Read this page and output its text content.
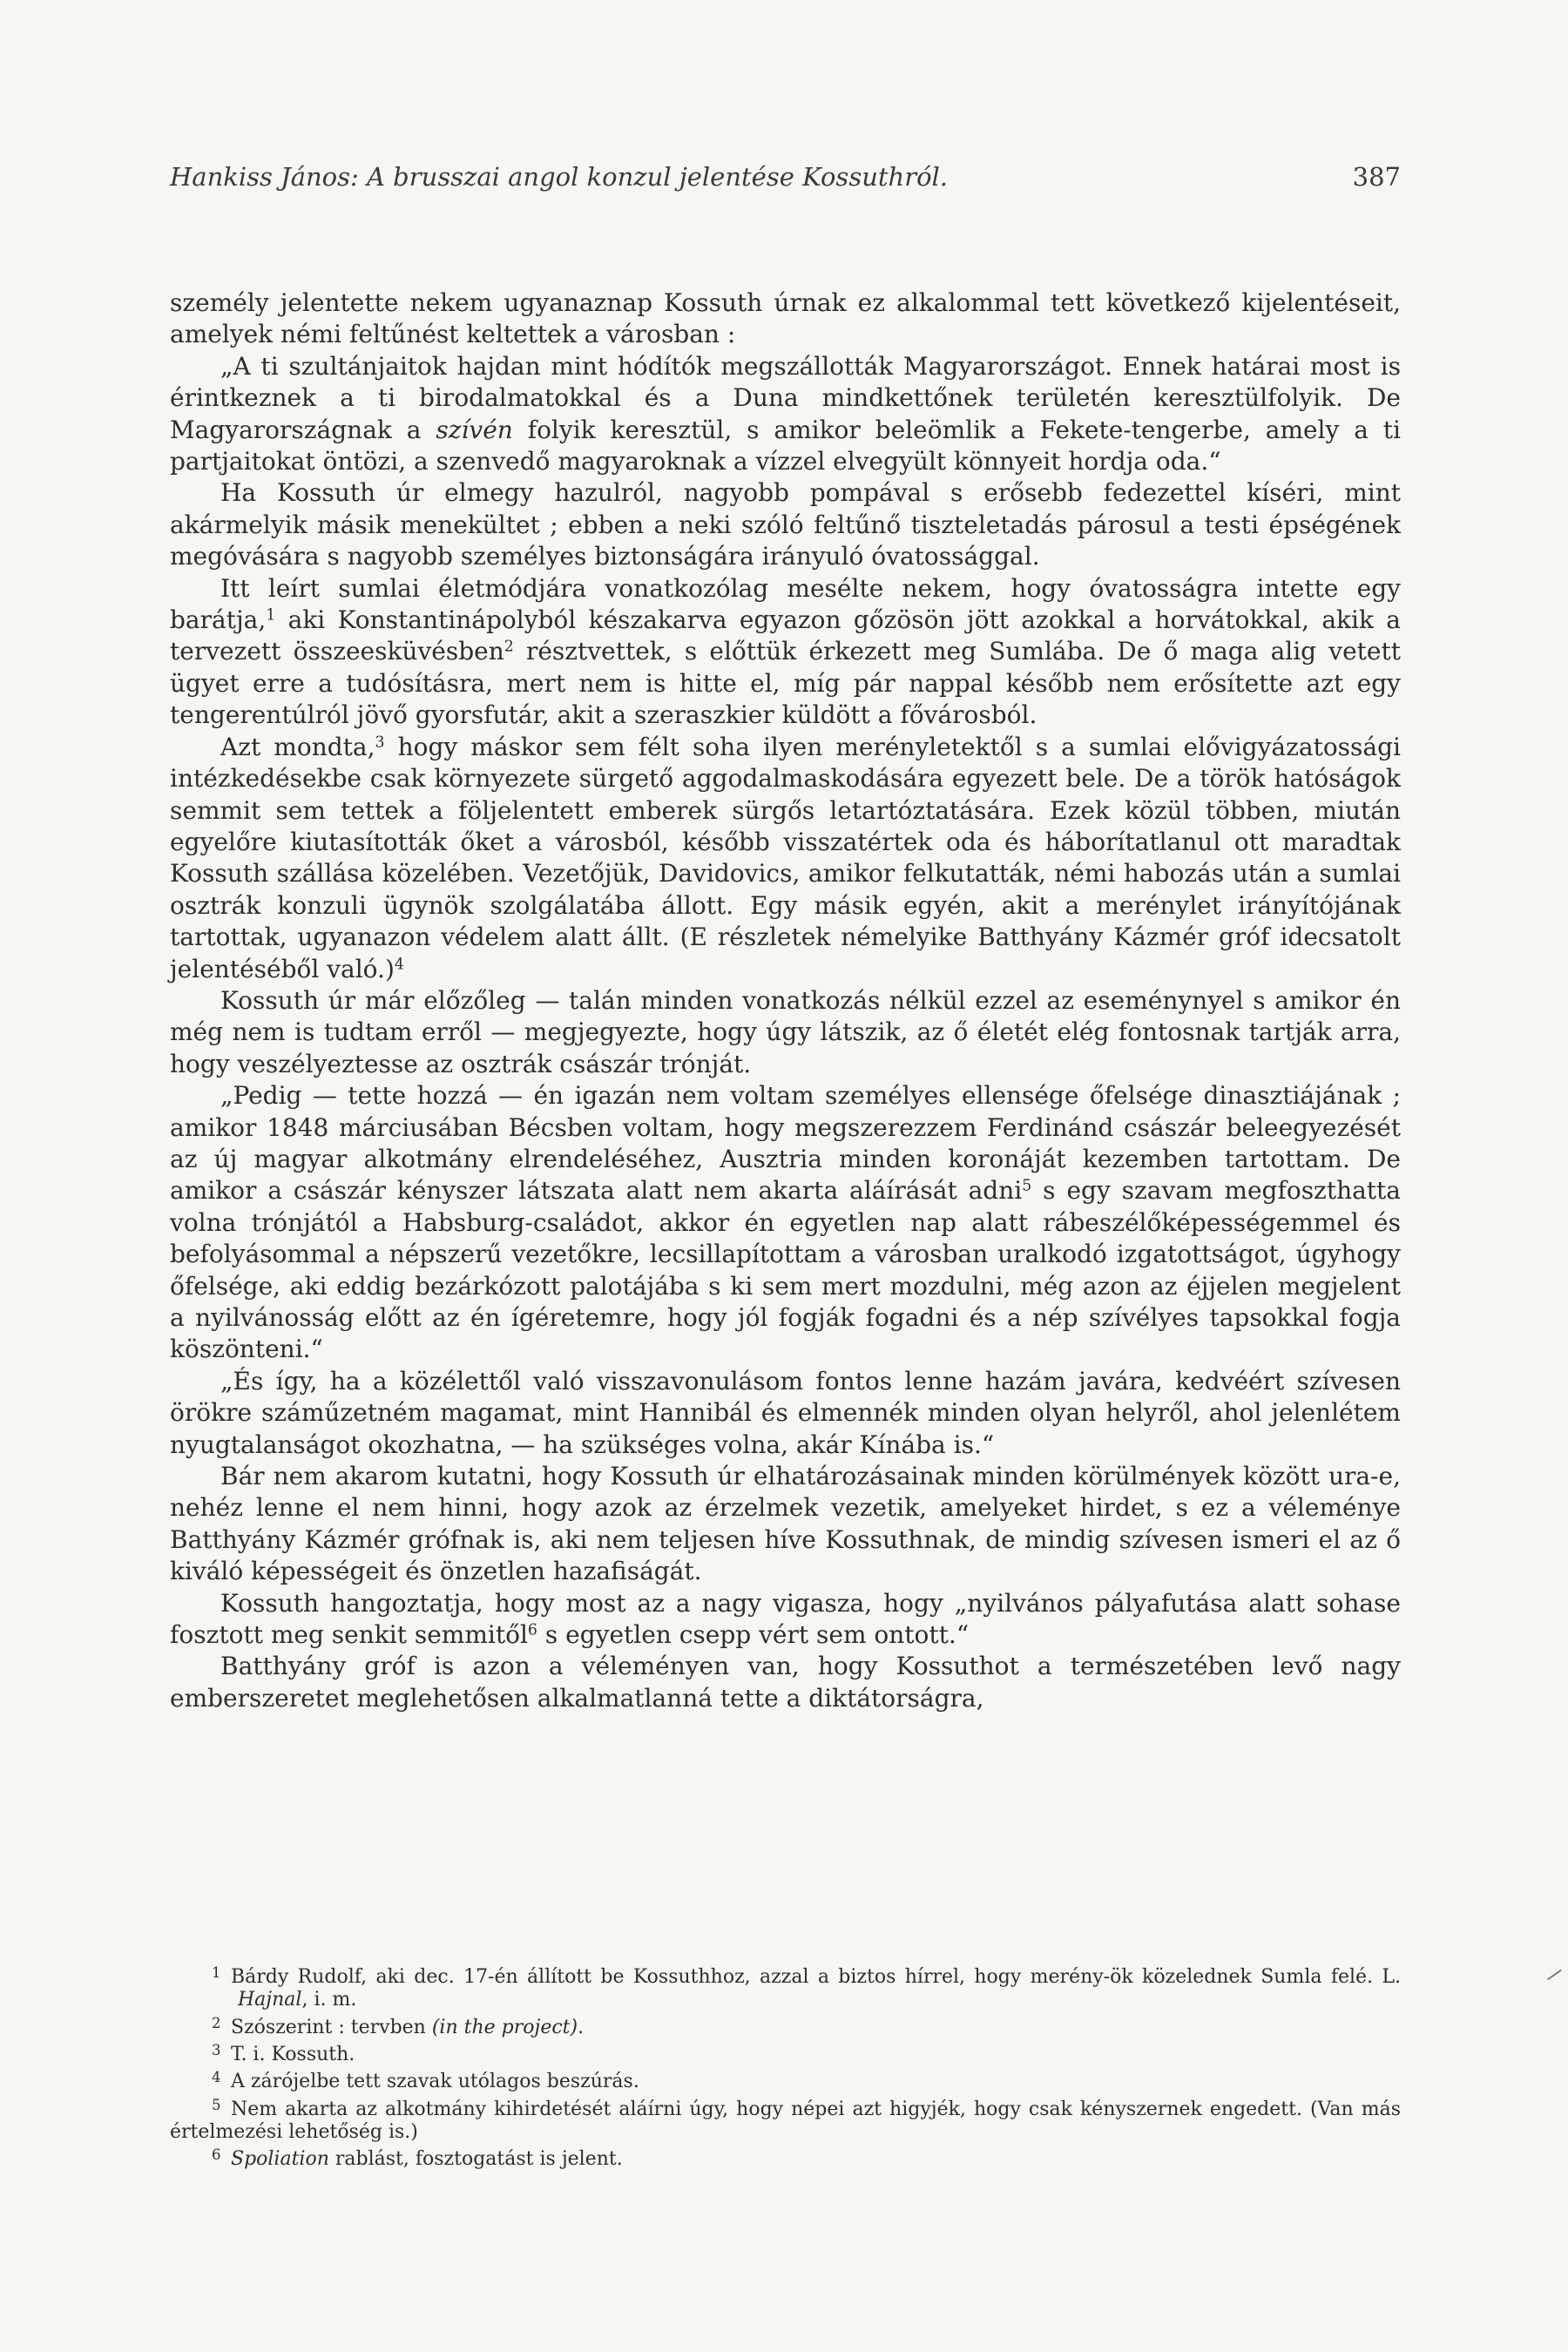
Hankiss János: A brusszai angol konzul jelentése Kossuthról.	387

személy jelentette nekem ugyanaznap Kossuth úrnak ez alkalommal tett következő kijelentéseit, amelyek némi feltűnést keltettek a városban :

„A ti szultánjaitok hajdan mint hódítók megszállották Magyarországot. Ennek határai most is érintkeznek a ti birodalmatokkal és a Duna mindkettőnek területén keresztülfolyik. De Magyarországnak a szívén folyik keresztül, s amikor beleömlik a Fekete-tengerbe, amely a ti partjaitokat öntözi, a szenvedő magyaroknak a vízzel elvegyült könnyeit hordja oda.“

Ha Kossuth úr elmegy hazulról, nagyobb pompával s erősebb fedezettel kíséri, mint akármelyik másik menekültet ; ebben a neki szóló feltűnő tiszteletadás párosul a testi épségének megóvására s nagyobb személyes biztonságára irányuló óvatossággal.

Itt leírt sumlai életmódjára vonatkozólag mesélte nekem, hogy óvatosságra intette egy barátja,$^1$ aki Konstantinápolyból készakarva egyazon gőzösön jött azokkal a horvátokkal, akik a tervezett összeesküvésben$^2$ résztvettek, s előttük érkezett meg Sumlába. De ő maga alig vetett ügyet erre a tudósításra, mert nem is hitte el, míg pár nappal később nem erősítette azt egy tengerentúlról jövő gyorsfutár, akit a szeraszkier küldött a fővárosból.

Azt mondta,$^3$ hogy máskor sem félt soha ilyen merényletektől s a sumlai elővigyázatossági intézkedésekbe csak környezete sürgető aggodalmaskodására egyezett bele. De a török hatóságok semmit sem tettek a följelentett emberek sürgős letartóztatására. Ezek közül többen, miután egyelőre kiutasították őket a városból, később visszatértek oda és háborítatlanul ott maradtak Kossuth szállása közelében. Vezetőjük, Davidovics, amikor felkutatták, némi habozás után a sumlai osztrák konzuli ügynök szolgálatába állott. Egy másik egyén, akit a merénylet irányítójának tartottak, ugyanazon védelem alatt állt. (E részletek némelyike Batthyány Kázmér gróf idecsatolt jelentéséből való.)$^4$

Kossuth úr már előzőleg — talán minden vonatkozás nélkül ezzel az eseménynyel s amikor én még nem is tudtam erről — megjegyezte, hogy úgy látszik, az ő életét elég fontosnak tartják arra, hogy veszélyeztesse az osztrák császár trónját.

„Pedig — tette hozzá — én igazán nem voltam személyes ellensége őfelsége dinasztiájának ; amikor 1848 márciusában Bécsben voltam, hogy megszerezzem Ferdinánd császár beleegyezését az új magyar alkotmány elrendeléséhez, Ausztria minden koronáját kezemben tartottam. De amikor a császár kényszer látszata alatt nem akarta aláírását adni$^5$ s egy szavam megfoszthatta volna trónjától a Habsburg-családot, akkor én egyetlen nap alatt rábeszélőképességemmel és befolyásommal a népszerű vezetőkre, lecsillapítottam a városban uralkodó izgatottságot, úgyhogy őfelsége, aki eddig bezárkózott palotájába s ki sem mert mozdulni, még azon az éjjelen megjelent a nyilvánosság előtt az én ígéretemre, hogy jól fogják fogadni és a nép szívélyes tapsokkal fogja köszönteni.“

„És így, ha a közélettől való visszavonulásom fontos lenne hazám javára, kedvéért szívesen örökre száműzetném magamat, mint Hannibál és elmennék minden olyan helyről, ahol jelenlétem nyugtalanságot okozhatna, — ha szükséges volna, akár Kínába is.“

Bár nem akarom kutatni, hogy Kossuth úr elhatározásainak minden körülmények között ura-e, nehéz lenne el nem hinni, hogy azok az érzelmek vezetik, amelyeket hirdet, s ez a véleménye Batthyány Kázmér grófnak is, aki nem teljesen híve Kossuthnak, de mindig szívesen ismeri el az ő kiváló képességeit és önzetlen hazafiságát.

Kossuth hangoztatja, hogy most az a nagy vigasza, hogy „nyilvános pályafutása alatt sohase fosztott meg senkit semmitől$^6$ s egyetlen csepp vért sem ontott.“

Batthyány gróf is azon a véleményen van, hogy Kossuthot a természetében levő nagy emberszeretet meglehetősen alkalmatlanná tette a diktátorságra,

1 Bárdy Rudolf, aki dec. 17-én állított be Kossuthhoz, azzal a biztos hírrel, hogy merény-ök közelednek Sumla felé. L. Hajnal, i. m.

2 Szószerint : tervben (in the project).

3 T. i. Kossuth.

4 A zárójelbe tett szavak utólagos beszúrás.

5 Nem akarta az alkotmány kihirdetését aláírni úgy, hogy népei azt higyjék, hogy csak kényszernek engedett. (Van más értelmezési lehetőség is.)

6 Spoliation rablást, fosztogatást is jelent.
